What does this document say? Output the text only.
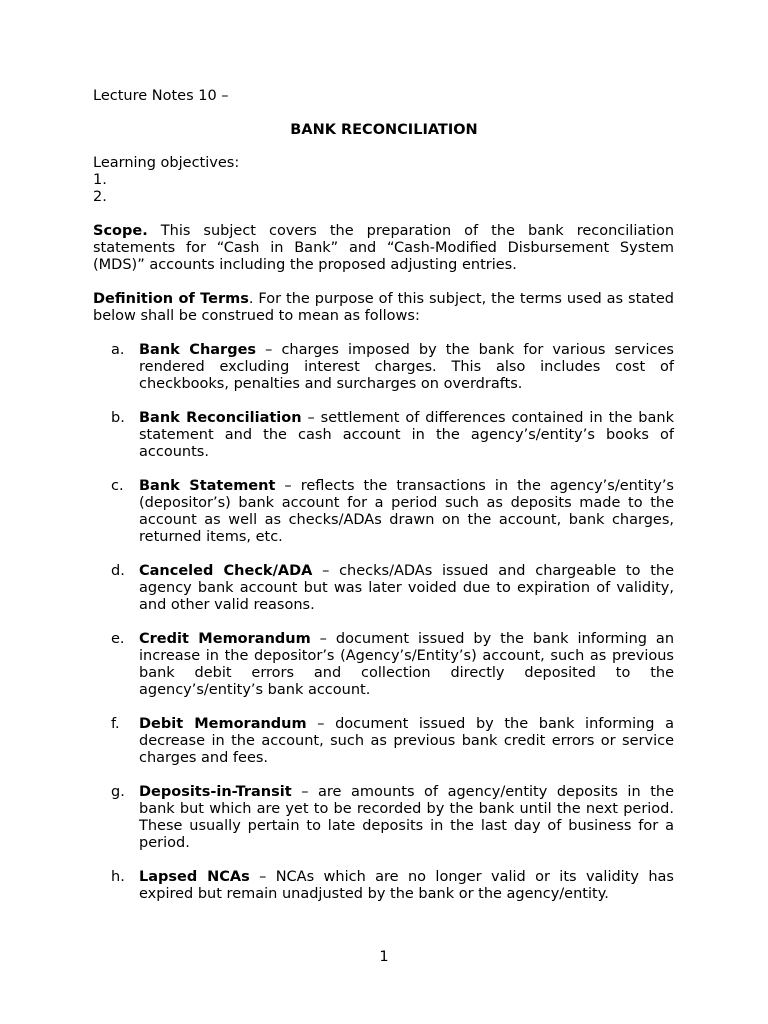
Lecture Notes 10 –
BANK RECONCILIATION
Learning objectives:
1.
2.
Scope. This subject covers the preparation of the bank reconciliation statements for “Cash in Bank” and “Cash-Modified Disbursement System (MDS)” accounts including the proposed adjusting entries.
Definition of Terms. For the purpose of this subject, the terms used as stated below shall be construed to mean as follows:
a.	Bank Charges – charges imposed by the bank for various services rendered excluding interest charges. This also includes cost of checkbooks, penalties and surcharges on overdrafts.
b. Bank Reconciliation – settlement of differences contained in the bank statement and the cash account in the agency’s/entity’s books of accounts.
c.	Bank Statement – reflects the transactions in the agency’s/entity’s (depositor’s) bank account for a period such as deposits made to the account as well as checks/ADAs drawn on the account, bank charges, returned items, etc.
d. Canceled Check/ADA – checks/ADAs issued and chargeable to the agency bank account but was later voided due to expiration of validity, and other valid reasons.
e. Credit Memorandum – document issued by the bank informing an increase in the depositor’s (Agency’s/Entity’s) account, such as previous bank debit errors and collection directly deposited to the agency’s/entity’s bank account.
f.	Debit Memorandum – document issued by the bank informing a decrease in the account, such as previous bank credit errors or service charges and fees.
g. Deposits-in-Transit – are amounts of agency/entity deposits in the bank but which are yet to be recorded by the bank until the next period. These usually pertain to late deposits in the last day of business for a period.
h. Lapsed NCAs – NCAs which are no longer valid or its validity has expired but remain unadjusted by the bank or the agency/entity.
1
